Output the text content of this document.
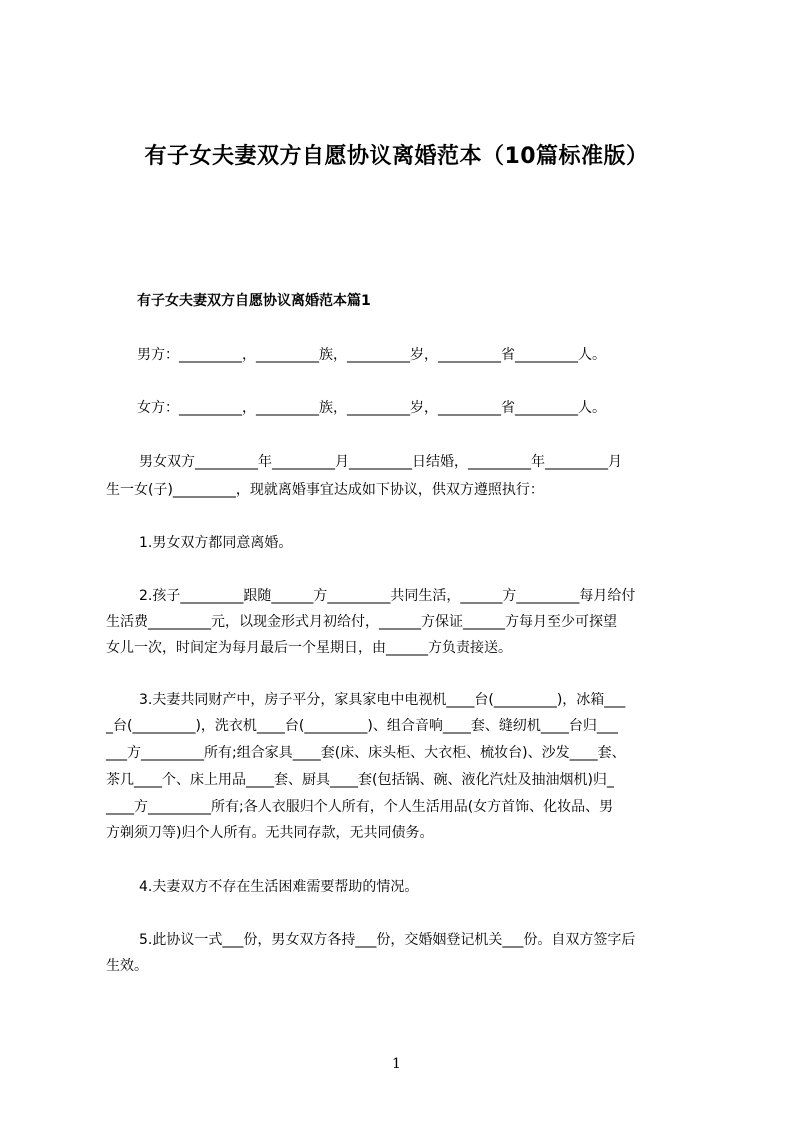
有子女夫妻双方自愿协议离婚范本（10篇标准版）
有子女夫妻双方自愿协议离婚范本篇1
男方：_________，_________族，_________岁，_________省_________人。
女方：_________，_________族，_________岁，_________省_________人。
男女双方_________年_________月_________日结婚，_________年_________月
生一女(子)_________，现就离婚事宜达成如下协议，供双方遵照执行：
1.男女双方都同意离婚。
2.孩子_________跟随______方_________共同生活，______方_________每月给付
生活费_________元，以现金形式月初给付，______方保证______方每月至少可探望
女儿一次，时间定为每月最后一个星期日，由______方负责接送。
3.夫妻共同财产中，房子平分，家具家电中电视机____台(_________)，冰箱___
_台(_________)，洗衣机____台(_________)、组合音响____套、缝纫机____台归___
___方_________所有;组合家具____套(床、床头柜、大衣柜、梳妆台)、沙发____套、
茶几____个、床上用品____套、厨具____套(包括锅、碗、液化汽灶及抽油烟机)归_
____方_________所有;各人衣服归个人所有，个人生活用品(女方首饰、化妆品、男
方剃须刀等)归个人所有。无共同存款，无共同债务。
4.夫妻双方不存在生活困难需要帮助的情况。
5.此协议一式___份，男女双方各持___份，交婚姻登记机关___份。自双方签字后
生效。
1
